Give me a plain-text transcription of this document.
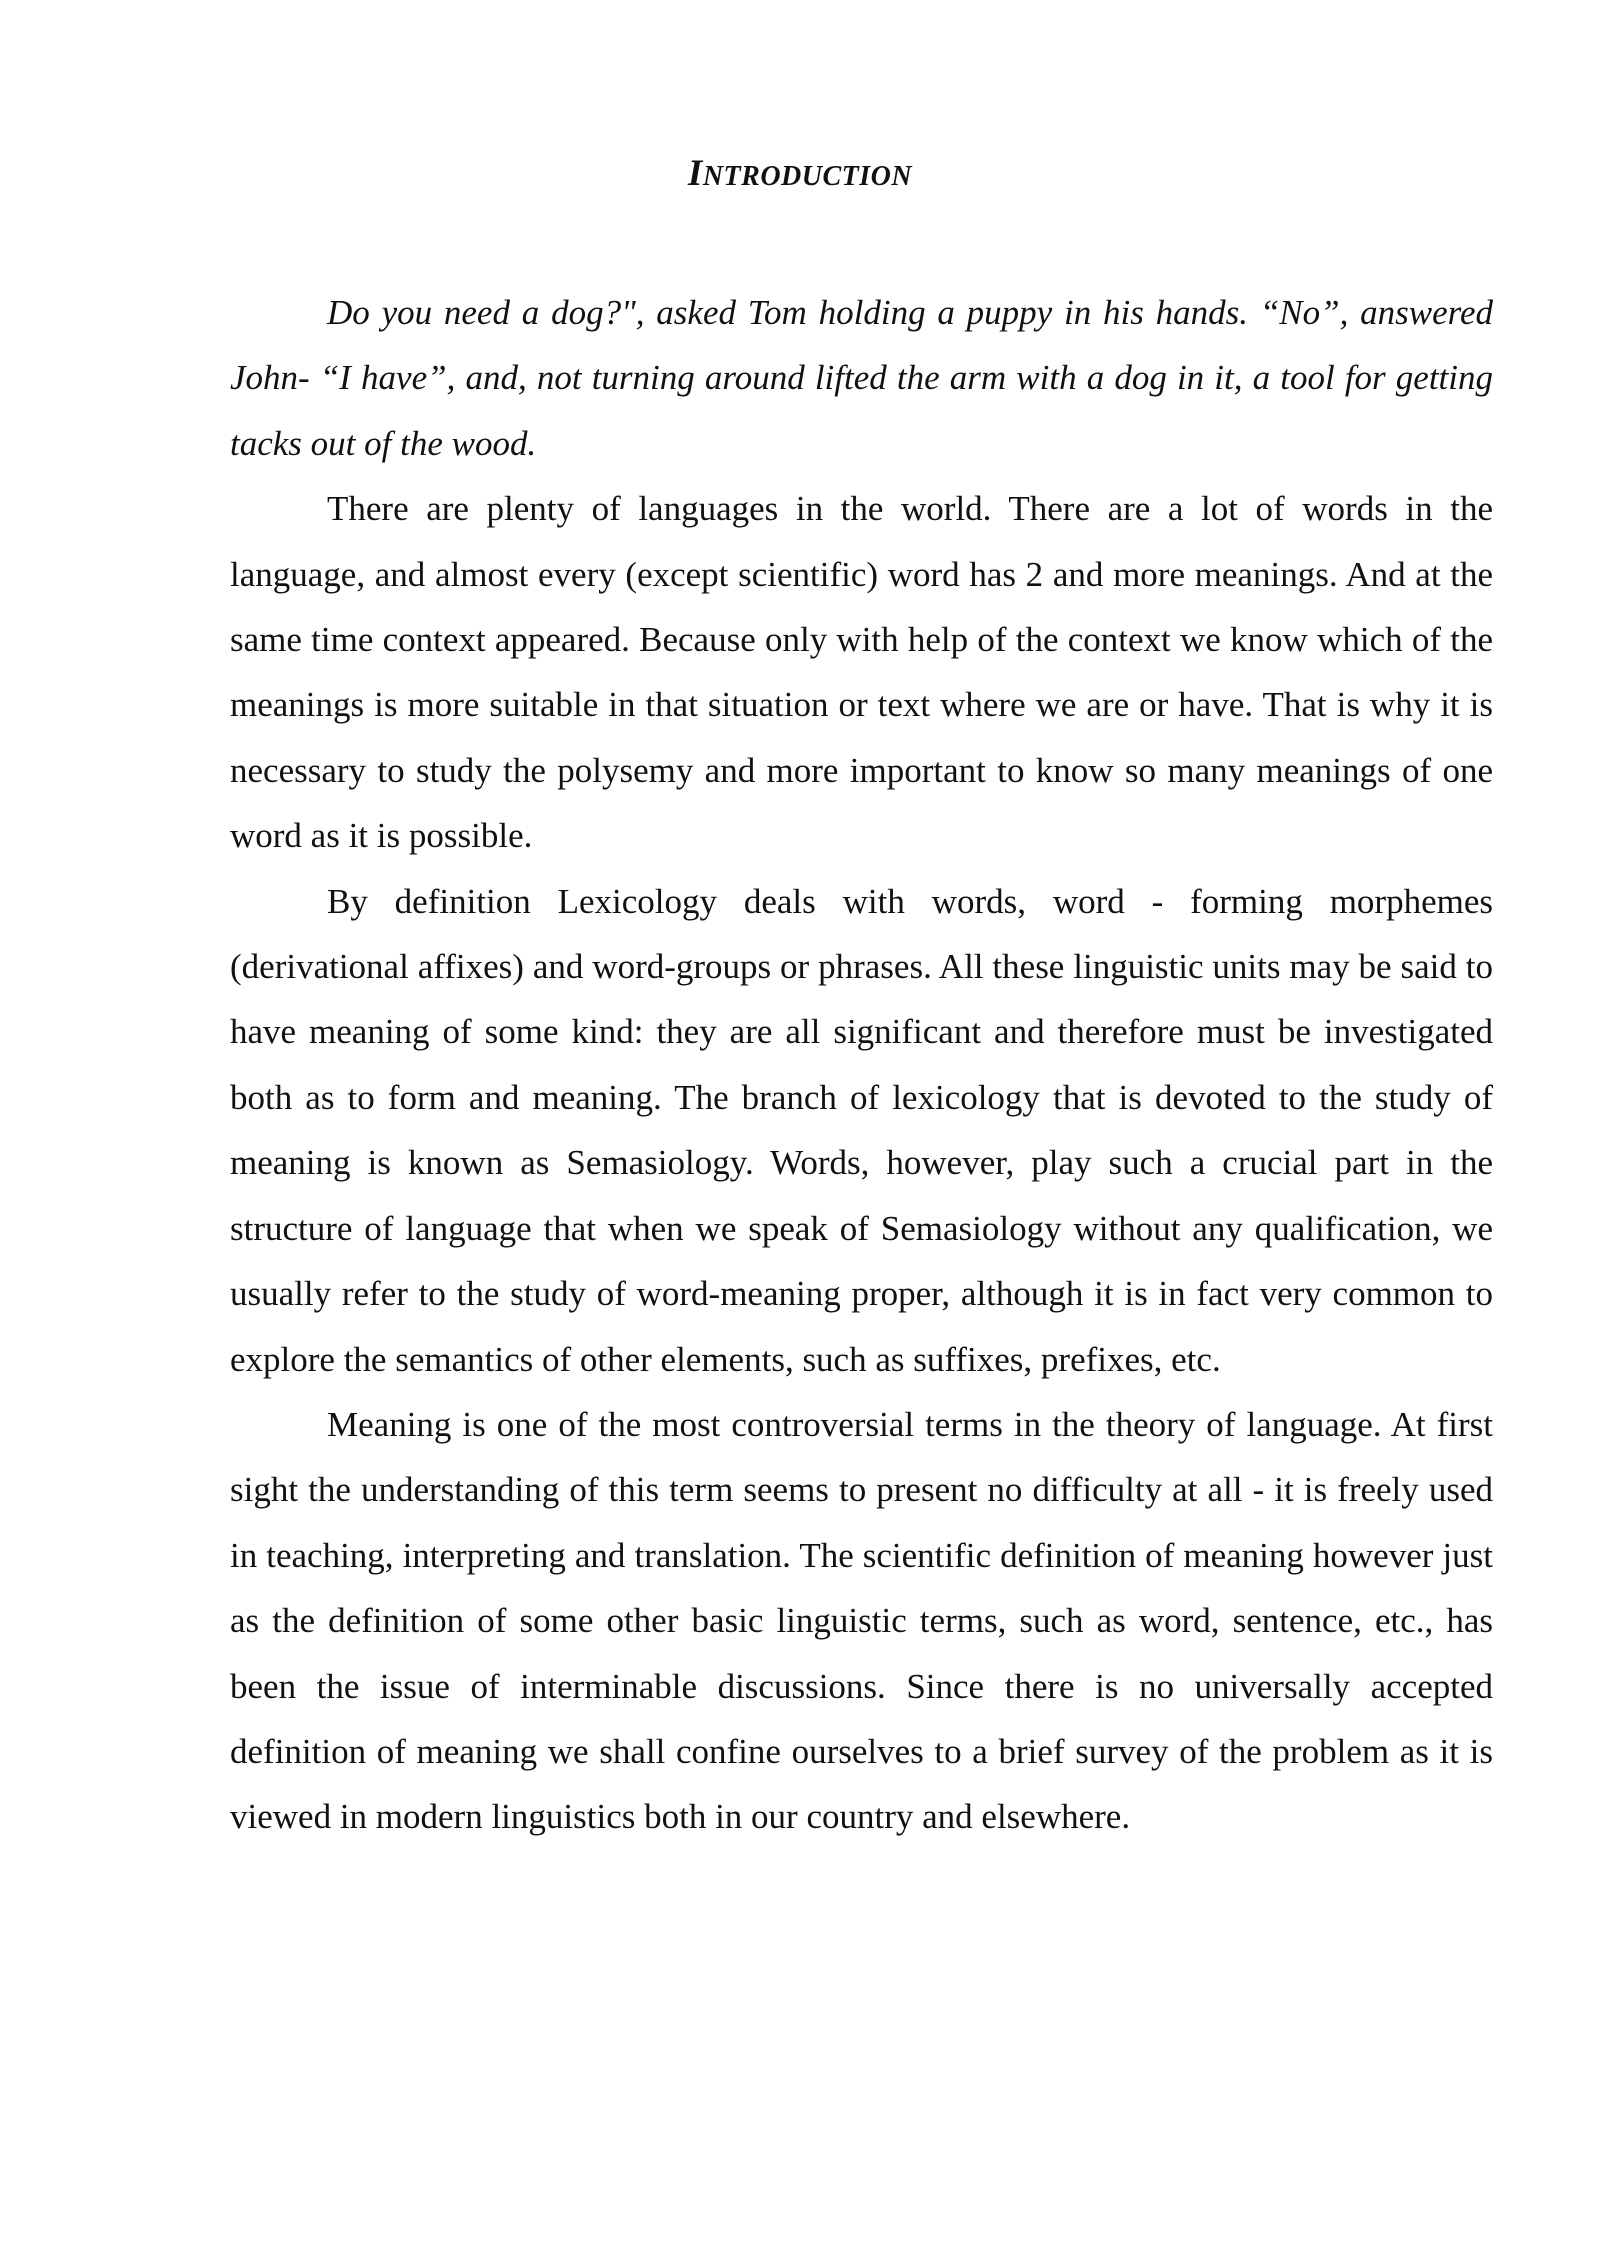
INTRODUCTION

Do you need a dog?", asked Tom holding a puppy in his hands. “No”, answered John- “I have”, and, not turning around lifted the arm with a dog in it, a tool for getting tacks out of the wood.

There are plenty of languages in the world. There are a lot of words in the language, and almost every (except scientific) word has 2 and more meanings. And at the same time context appeared. Because only with help of the context we know which of the meanings is more suitable in that situation or text where we are or have. That is why it is necessary to study the polysemy and more important to know so many meanings of one word as it is possible.

By definition Lexicology deals with words, word - forming morphemes (derivational affixes) and word-groups or phrases. All these linguistic units may be said to have meaning of some kind: they are all significant and therefore must be investigated both as to form and meaning. The branch of lexicology that is devoted to the study of meaning is known as Semasiology. Words, however, play such a crucial part in the structure of language that when we speak of Semasiology without any qualification, we usually refer to the study of word-meaning proper, although it is in fact very common to explore the semantics of other elements, such as suffixes, prefixes, etc.

Meaning is one of the most controversial terms in the theory of language. At first sight the understanding of this term seems to present no difficulty at all - it is freely used in teaching, interpreting and translation. The scientific definition of meaning however just as the definition of some other basic linguistic terms, such as word, sentence, etc., has been the issue of interminable discussions. Since there is no universally accepted definition of meaning we shall confine ourselves to a brief survey of the problem as it is viewed in modern linguistics both in our country and elsewhere.
